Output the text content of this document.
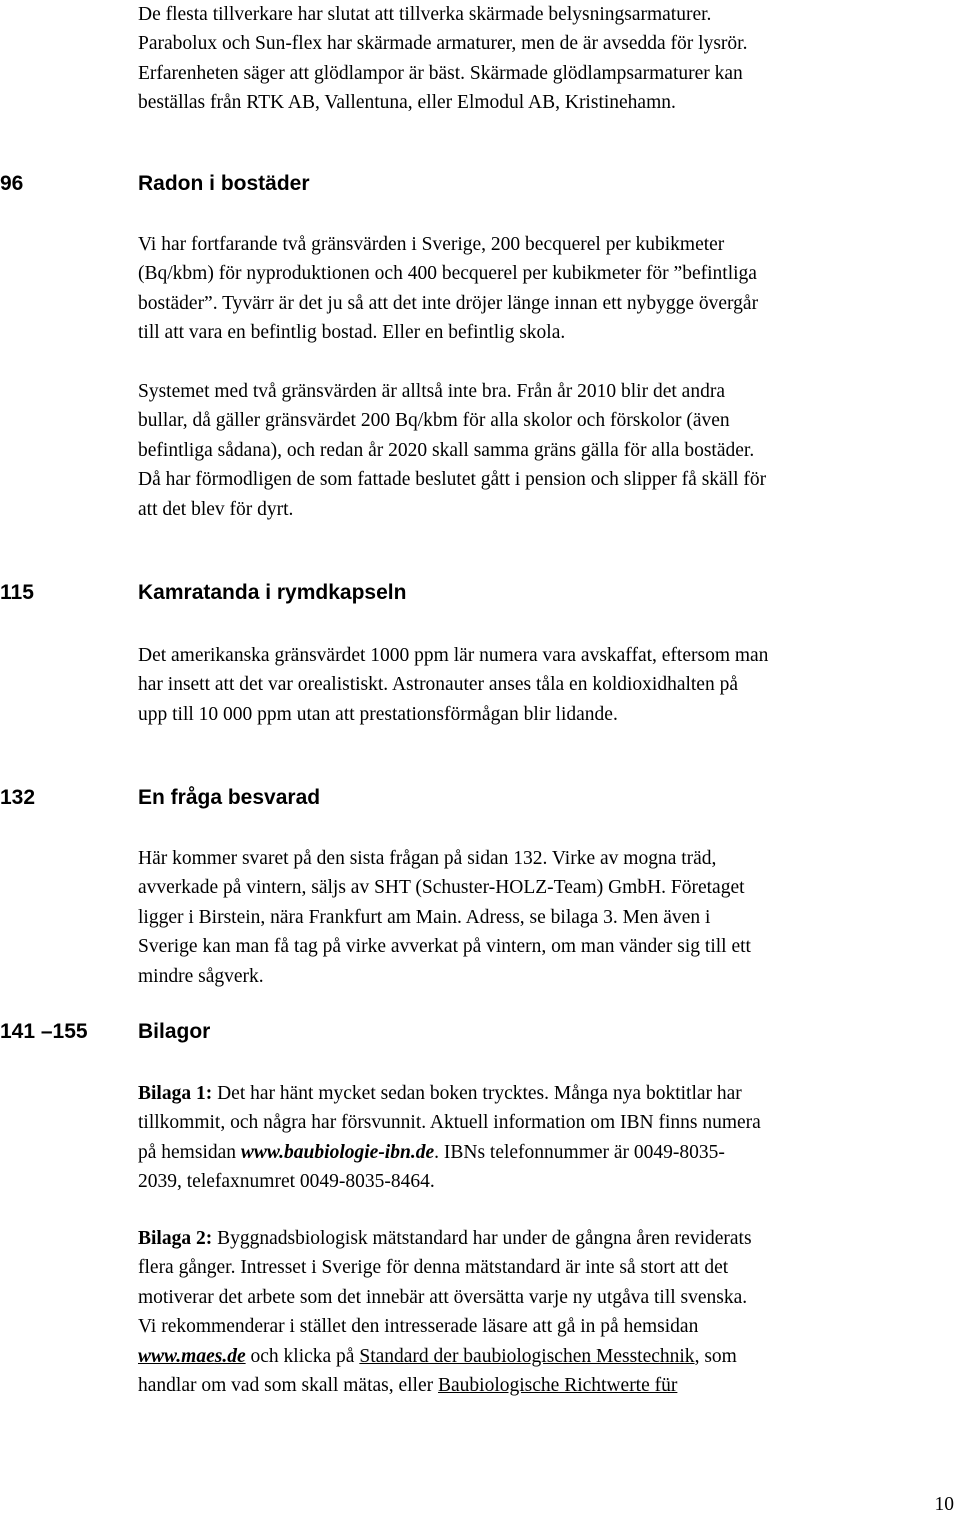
De flesta tillverkare har slutat att tillverka skärmade belysningsarmaturer.
Parabolux och Sun-flex har skärmade armaturer, men de är avsedda för lysrör.
Erfarenheten säger att glödlampor är bäst. Skärmade glödlampsarmaturer kan
beställas från RTK AB, Vallentuna, eller Elmodul AB, Kristinehamn.
96	Radon i bostäder
Vi har fortfarande två gränsvärden i Sverige, 200 becquerel per kubikmeter
(Bq/kbm) för nyproduktionen och 400 becquerel per kubikmeter för ”befintliga
bostäder”. Tyvärr är det ju så att det inte dröjer länge innan ett nybygge övergår
till att vara en befintlig bostad. Eller en befintlig skola.
Systemet med två gränsvärden är alltså inte bra. Från år 2010 blir det andra
bullar, då gäller gränsvärdet 200 Bq/kbm för alla skolor och förskolor (även
befintliga sådana), och redan år 2020 skall samma gräns gälla för alla bostäder.
Då har förmodligen de som fattade beslutet gått i pension och slipper få skäll för
att det blev för dyrt.
115	Kamratanda i rymdkapseln
Det amerikanska gränsvärdet 1000 ppm lär numera vara avskaffat, eftersom man
har insett att det var orealistiskt. Astronauter anses tåla en koldioxidhalten på
upp till 10 000 ppm utan att prestationsförmågan blir lidande.
132	En fråga besvarad
Här kommer svaret på den sista frågan på sidan 132. Virke av mogna träd,
avverkade på vintern, säljs av SHT (Schuster-HOLZ-Team) GmbH. Företaget
ligger i Birstein, nära Frankfurt am Main. Adress, se bilaga 3. Men även i
Sverige kan man få tag på virke avverkat på vintern, om man vänder sig till ett
mindre sågverk.
141 –155 Bilagor
Bilaga 1: Det har hänt mycket sedan boken trycktes. Många nya boktitlar har
tillkommit, och några har försvunnit. Aktuell information om IBN finns numera
på hemsidan www.baubiologie-ibn.de. IBNs telefonnummer är 0049-8035-
2039, telefaxnumret 0049-8035-8464.
Bilaga 2: Byggnadsbiologisk mätstandard har under de gångna åren reviderats
flera gånger. Intresset i Sverige för denna mätstandard är inte så stort att det
motiverar det arbete som det innebär att översätta varje ny utgåva till svenska.
Vi rekommenderar i stället den intresserade läsare att gå in på hemsidan
www.maes.de och klicka på Standard der baubiologischen Messtechnik, som
handlar om vad som skall mätas, eller Baubiologische Richtwerte für
10
